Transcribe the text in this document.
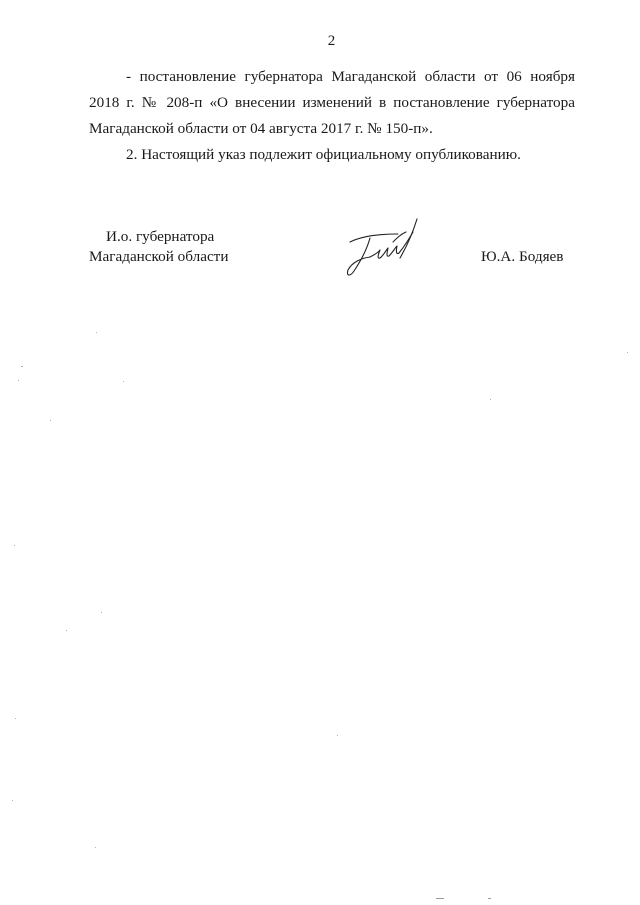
2

- постановление губернатора Магаданской области от 06 ноября 2018 г. № 208-п «О внесении изменений в постановление губернатора Магаданской области от 04 августа 2017 г. № 150-п».

2. Настоящий указ подлежит официальному опубликованию.

И.о. губернатора
Магаданской области	Ю.А. Бодяев
